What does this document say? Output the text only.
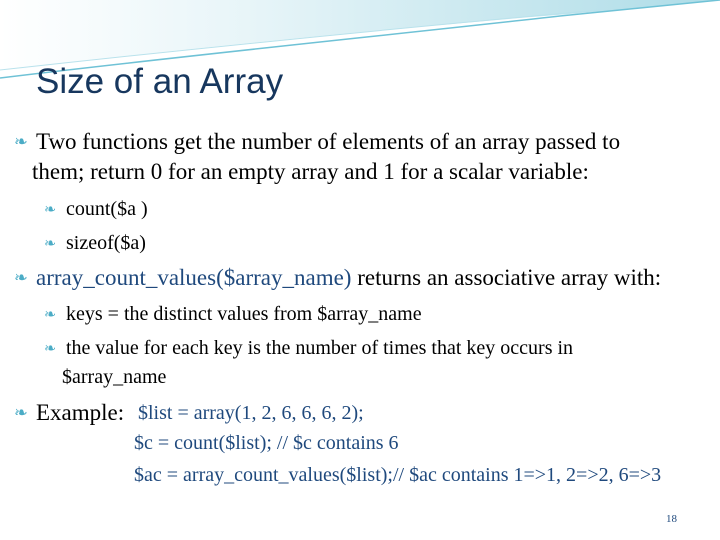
Size of an Array
❧ Two functions get the number of elements of an array passed to
them; return 0 for an empty array and 1 for a scalar variable:
❧ count($a )
❧ sizeof($a)
❧ array_count_values($array_name) returns an associative array with:
❧ keys = the distinct values from $array_name
❧ the value for each key is the number of times that key occurs in
$array_name
❧ Example: $list = array(1, 2, 6, 6, 6, 2);
$c = count($list); // $c contains 6
$ac = array_count_values($list);// $ac contains 1=>1, 2=>2, 6=>3
18
